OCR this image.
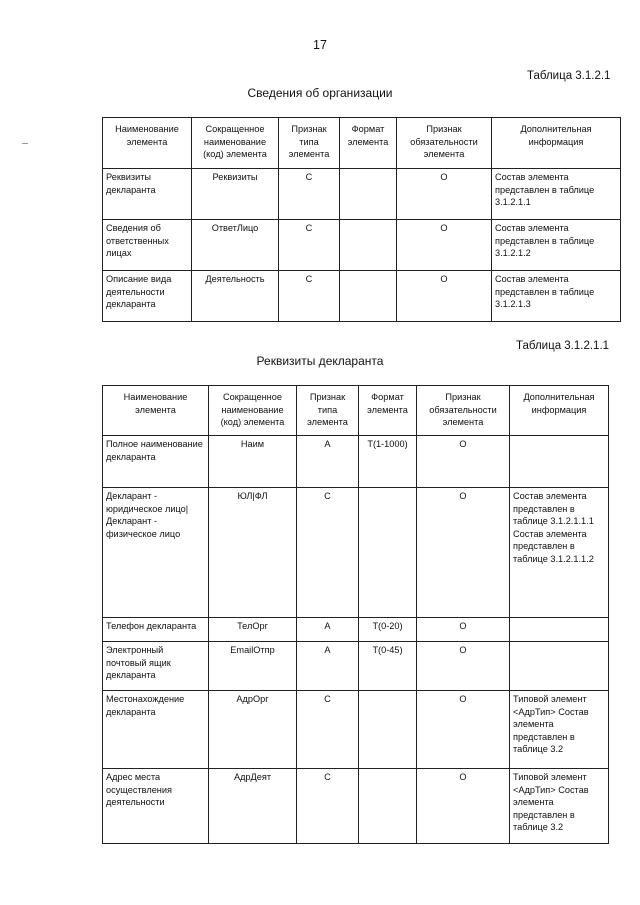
17
Таблица 3.1.2.1
Сведения об организации
Наименование элемента	Сокращенное наименование (код) элемента	Признак типа элемента	Формат элемента	Признак обязательности элемента	Дополнительная информация
Реквизиты декларанта	Реквизиты	С		О	Состав элемента представлен в таблице 3.1.2.1.1
Сведения об ответственных лицах	ОтветЛицо	С		О	Состав элемента представлен в таблице 3.1.2.1.2
Описание вида деятельности декларанта	Деятельность	С		О	Состав элемента представлен в таблице 3.1.2.1.3
Таблица 3.1.2.1.1
Реквизиты декларанта
Наименование элемента	Сокращенное наименование (код) элемента	Признак типа элемента	Формат элемента	Признак обязательности элемента	Дополнительная информация
Полное наименование декларанта	Наим	А	Т(1-1000)	О	
Декларант - юридическое лицо| Декларант - физическое лицо	ЮЛ|ФЛ	С		О	Состав элемента представлен в таблице 3.1.2.1.1.1 Состав элемента представлен в таблице 3.1.2.1.1.2
Телефон декларанта	ТелОрг	А	Т(0-20)	О	
Электронный почтовый ящик декларанта	EmailОтпр	А	Т(0-45)	О	
Местонахождение декларанта	АдрОрг	С		О	Типовой элемент <АдрТип> Состав элемента представлен в таблице 3.2
Адрес места осуществления деятельности	АдрДеят	С		О	Типовой элемент <АдрТип> Состав элемента представлен в таблице 3.2
